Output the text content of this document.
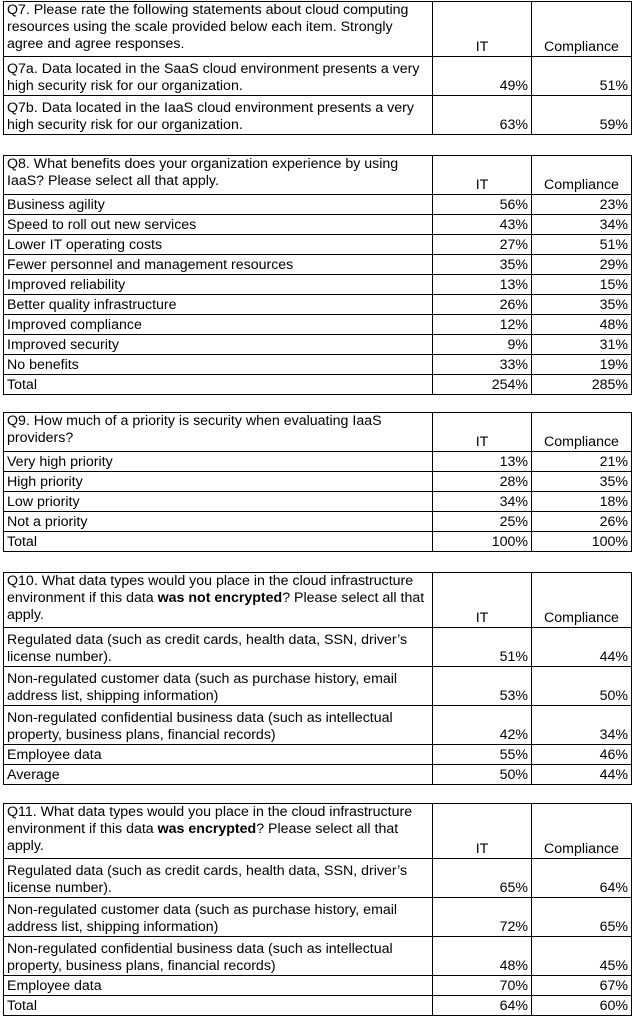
Q7. Please rate the following statements about cloud computing resources using the scale provided below each item. Strongly agree and agree responses.	IT	Compliance
Q7a. Data located in the SaaS cloud environment presents a very high security risk for our organization.	49%	51%
Q7b. Data located in the IaaS cloud environment presents a very high security risk for our organization.	63%	59%
Q8. What benefits does your organization experience by using IaaS? Please select all that apply.	IT	Compliance
Business agility	56%	23%
Speed to roll out new services	43%	34%
Lower IT operating costs	27%	51%
Fewer personnel and management resources	35%	29%
Improved reliability	13%	15%
Better quality infrastructure	26%	35%
Improved compliance	12%	48%
Improved security	9%	31%
No benefits	33%	19%
Total	254%	285%
Q9. How much of a priority is security when evaluating IaaS providers?	IT	Compliance
Very high priority	13%	21%
High priority	28%	35%
Low priority	34%	18%
Not a priority	25%	26%
Total	100%	100%
Q10. What data types would you place in the cloud infrastructure environment if this data was not encrypted? Please select all that apply.	IT	Compliance
Regulated data (such as credit cards, health data, SSN, driver’s license number).	51%	44%
Non-regulated customer data (such as purchase history, email address list, shipping information)	53%	50%
Non-regulated confidential business data (such as intellectual property, business plans, financial records)	42%	34%
Employee data	55%	46%
Average	50%	44%
Q11. What data types would you place in the cloud infrastructure environment if this data was encrypted? Please select all that apply.	IT	Compliance
Regulated data (such as credit cards, health data, SSN, driver’s license number).	65%	64%
Non-regulated customer data (such as purchase history, email address list, shipping information)	72%	65%
Non-regulated confidential business data (such as intellectual property, business plans, financial records)	48%	45%
Employee data	70%	67%
Total	64%	60%
